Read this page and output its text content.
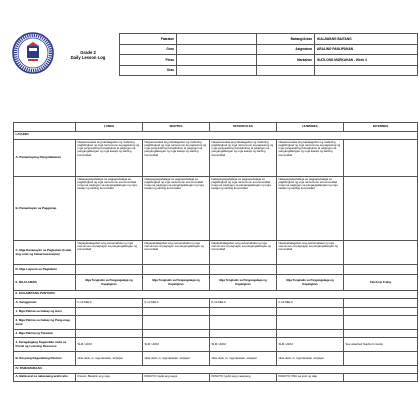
Grade 2
Daily Lesson Log
Paaralan		Baitang/Antas	IKALAWANG BAITANG
Guro		Asignatura	ARALING PANLIPUNAN
Petsa		Markahan	IKATLONG MARKAHAN - Week 4
Oras			
	LUNES	MARTES	MIYERKULES	HUWEBES	BIYERNES
LAYUNIN					
A. Pamantayang Pangnilalaman	Naipamamalas ang kahalagahan ng mabuting pagkilingkod ng mga namumuno sa pagsulong ng mga pangunahing hanapbuhay at pagtugon sa pangangailangan ng mga kasapi ng sariling komunidad	Naipamamalas ang kahalagahan ng mabuting pagkilingkod ng mga namumuno sa pagsulong ng mga pangunahing hanapbuhay at pagtugon sa pangangailangan ng mga kasapi ng sariling komunidad	Naipamamalas ang kahalagahan ng mabuting pagkilingkod ng mga namumuno sa pagsulong ng mga pangunahing hanapbuhay at pagtugon sa pangangailangan ng mga kasapi ng sariling komunidad	Naipamamalas ang kahalagahan ng mabuting pagkilingkod ng mga namumuno sa pagsulong ng mga pangunahing hanapbuhay at pagtugon sa pangangailangan ng mga kasapi ng sariling komunidad	
B. Pamantayan sa Pagganap	Nakapagpapahalaga sa pagpapahalaga sa pagkilingkod ng mga namumuno sa komunidad tungo sa pagtugon sa pangangailangan ng mga kasapi ng sariling komunidad	Nakapagpapahalaga sa pagpapahalaga sa pagkilingkod ng mga namumuno sa komunidad tungo sa pagtugon sa pangangailangan ng mga kasapi ng sariling komunidad	Nakapagpapahalaga sa pagpapahalaga sa pagkilingkod ng mga namumuno sa komunidad tungo sa pagtugon sa pangangailangan ng mga kasapi ng sariling komunidad	Nakapagpapahalaga sa pagpapahalaga sa pagkilingkod ng mga namumuno sa komunidad tungo sa pagtugon sa pangangailangan ng mga kasapi ng sariling komunidad	
C. Mga Kasanayan sa Pagkatuto (Isulat ang code ng bawat kasanayan)	Napapahalagahan ang pamamahala ng mga namumuno at pagtugon sa pangangailangan ng komunidad	Napapahalagahan ang pamamahala ng mga namumuno at pagtugon sa pangangailangan ng komunidad	Napapahalagahan ang pamamahala ng mga namumuno at pagtugon sa pangangailangan ng komunidad	Napapahalagahan ang pamamahala ng mga namumuno at pagtugon sa pangangailangan ng komunidad	
D. Mga Layunin sa Pagkatuto					
II. NILALAMAN	Mga Tungkulin sa Pangangalaga ng Kapaligiran	Mga Tungkulin sa Pangangalaga ng Kapaligiran	Mga Tungkulin sa Pangangalaga ng Kapaligiran	Mga Tungkulin sa Pangangalaga ng Kapaligiran	Catch-Up Friday
II. KAGAMITANG PANTURO					
A. Sanggunian	K-12 MELC	K-12 MELC	K-12 MELC	K-12 MELC	
1. Mga Pahina sa Gabay ng Guro					
2. Mga Pahina sa Gabay ng Pang-mag-aaral					
3. Mga Pahina ng Teksbuk					
4. Karagdagang Kagamitan mula sa Portal ng Learning Resource	SLM / ADM	SLM / ADM	SLM / ADM	SLM / ADM	See attached Teacher's Guide
B. Iba pang Kagamitang Panturo	slide deck, tv, mga larawan, tarpapel	slide deck, tv, mga larawan, tarpapel	slide deck, tv, mga larawan, tarpapel	slide deck, tv, mga larawan, tarpapel	
IV. PAMAMARAAN					
A. Balik-aral sa nakaraang aralin at/o	Panuto: Basahin ang mga	PANUTO: Isulat ang sagot	PANUTO: Iguhit ang masayang	PANUTO: Piliin sa loob ng ulap	
